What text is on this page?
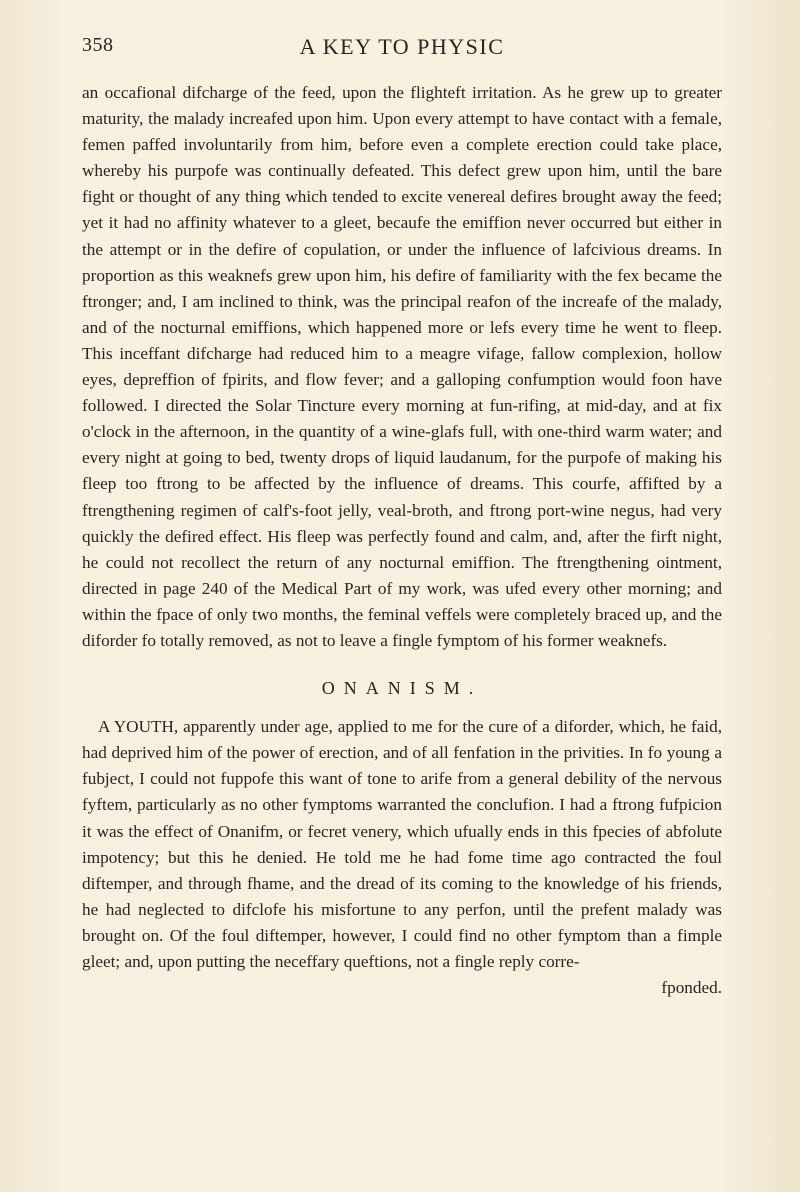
358	A KEY TO PHYSIC

an occafional difcharge of the feed, upon the flighteft irritation. As he grew up to greater maturity, the malady increafed upon him. Upon every attempt to have contact with a female, femen paffed involuntarily from him, before even a complete erection could take place, whereby his purpofe was continually defeated. This defect grew upon him, until the bare fight or thought of any thing which tended to excite venereal defires brought away the feed; yet it had no affinity whatever to a gleet, becaufe the emiffion never occurred but either in the attempt or in the defire of copulation, or under the influence of lafcivious dreams. In proportion as this weaknefs grew upon him, his defire of familiarity with the fex became the ftronger; and, I am inclined to think, was the principal reafon of the increafe of the malady, and of the nocturnal emiffions, which happened more or lefs every time he went to fleep. This inceffant difcharge had reduced him to a meagre vifage, fallow complexion, hollow eyes, depreffion of fpirits, and flow fever; and a galloping confumption would foon have followed. I directed the Solar Tincture every morning at fun-rifing, at mid-day, and at fix o'clock in the afternoon, in the quantity of a wine-glafs full, with one-third warm water; and every night at going to bed, twenty drops of liquid laudanum, for the purpofe of making his fleep too ftrong to be affected by the influence of dreams. This courfe, affifted by a ftrengthening regimen of calf's-foot jelly, veal-broth, and ftrong port-wine negus, had very quickly the defired effect. His fleep was perfectly found and calm, and, after the firft night, he could not recollect the return of any nocturnal emiffion. The ftrengthening ointment, directed in page 240 of the Medical Part of my work, was ufed every other morning; and within the fpace of only two months, the feminal veffels were completely braced up, and the diforder fo totally removed, as not to leave a fingle fymptom of his former weaknefs.

ONANISM.

A YOUTH, apparently under age, applied to me for the cure of a diforder, which, he faid, had deprived him of the power of erection, and of all fenfation in the privities. In fo young a fubject, I could not fuppofe this want of tone to arife from a general debility of the nervous fyftem, particularly as no other fymptoms warranted the conclufion. I had a ftrong fufpicion it was the effect of Onanifm, or fecret venery, which ufually ends in this fpecies of abfolute impotency; but this he denied. He told me he had fome time ago contracted the foul diftemper, and through fhame, and the dread of its coming to the knowledge of his friends, he had neglected to difclofe his misfortune to any perfon, until the prefent malady was brought on. Of the foul diftemper, however, I could find no other fymptom than a fimple gleet; and, upon putting the neceffary queftions, not a fingle reply corre-

fponded.
